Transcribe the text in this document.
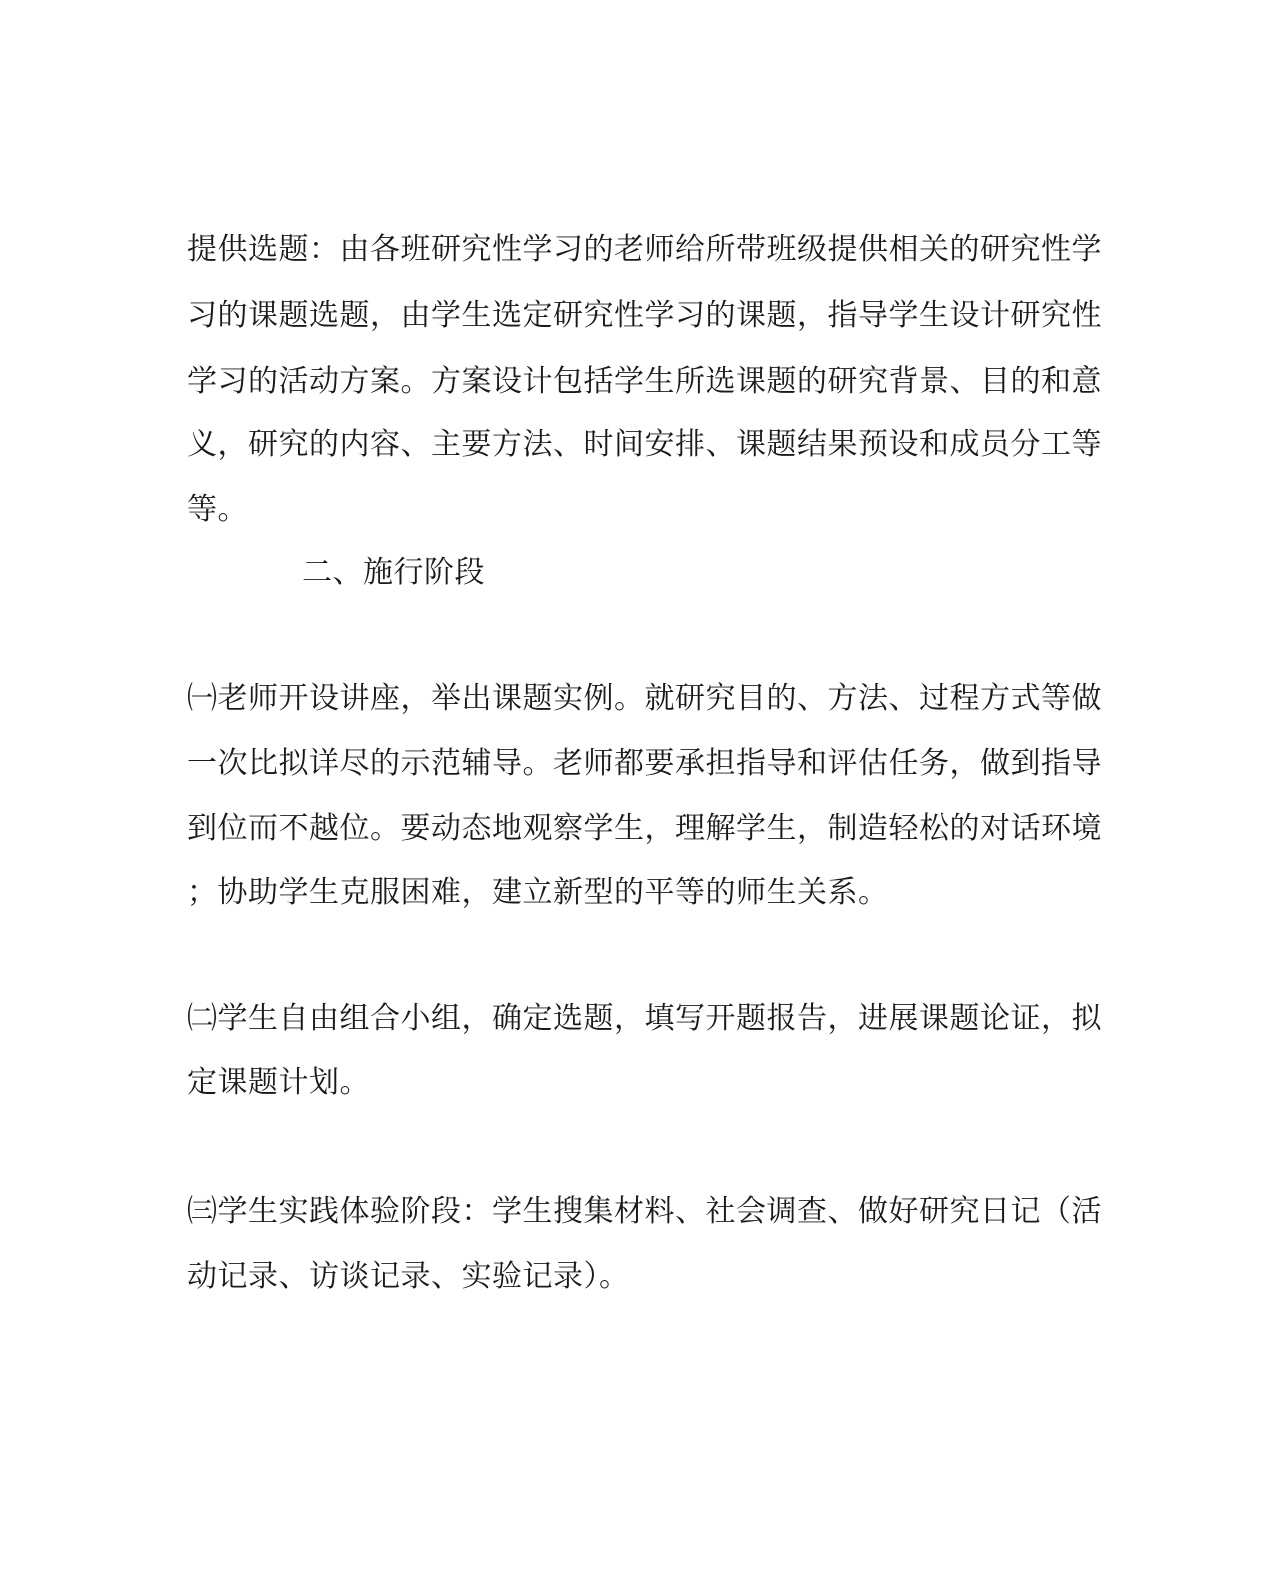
提供选题：由各班研究性学习的老师给所带班级提供相关的研究性学
习的课题选题，由学生选定研究性学习的课题，指导学生设计研究性
学习的活动方案。方案设计包括学生所选课题的研究背景、目的和意
义，研究的内容、主要方法、时间安排、课题结果预设和成员分工等
等。
二、施行阶段
㈠老师开设讲座，举出课题实例。就研究目的、方法、过程方式等做
一次比拟详尽的示范辅导。老师都要承担指导和评估任务，做到指导
到位而不越位。要动态地观察学生，理解学生，制造轻松的对话环境
；协助学生克服困难，建立新型的平等的师生关系。
㈡学生自由组合小组，确定选题，填写开题报告，进展课题论证，拟
定课题计划。
㈢学生实践体验阶段：学生搜集材料、社会调查、做好研究日记（活
动记录、访谈记录、实验记录）。
